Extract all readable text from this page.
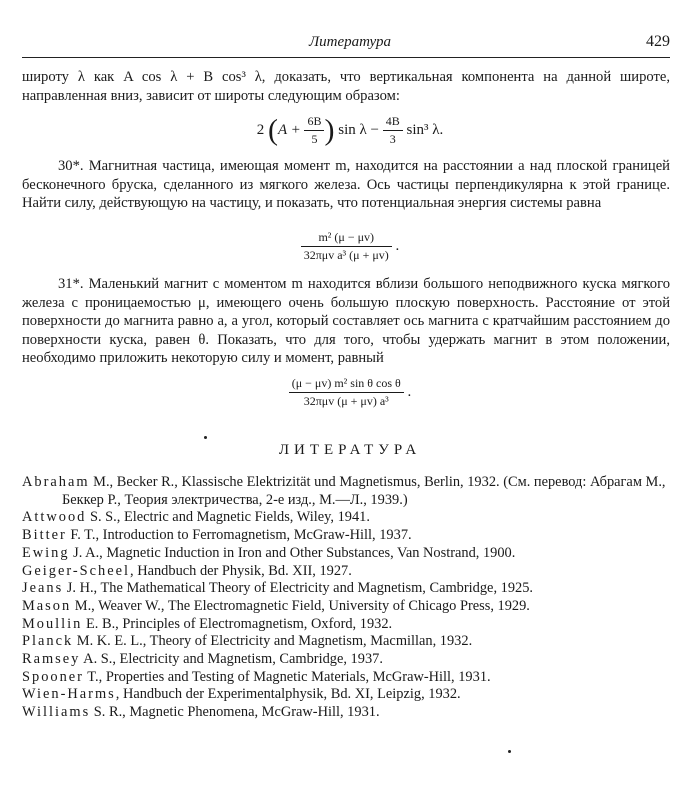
Литература	429

широту λ как A cos λ + B cos³ λ, доказать, что вертикальная компонента на данной широте, направленная вниз, зависит от широты следующим образом:

2 ($A + \frac{6B}{5}$ ) $\sin \lambda - \frac{4B}{3} \sin^3$ λ.

30*. Магнитная частица, имеющая момент m, находится на расстоянии a над плоской границей бесконечного бруска, сделанного из мягкого железа. Ось частицы перпендикулярна к этой границе. Найти силу, действующую на частицу, и показать, что потенциальная энергия системы равна

$\frac{\text{m² (μ − μv)}}{\text{32πμv a³ (μ + μv)}}$ .

31*. Маленький магнит с моментом m находится вблизи большого неподвижного куска мягкого железа с проницаемостью μ, имеющего очень большую плоскую поверхность. Расстояние от этой поверхности до магнита равно a, а угол, который составляет ось магнита с кратчайшим расстоянием до поверхности куска, равен θ. Показать, что для того, чтобы удержать магнит в этом положении, необходимо приложить некоторую силу и момент, равный

$\frac{\text{(μ − μv) m² sin θ cos θ}}{\text{32πμv (μ + μv) a³}}$ .
ЛИТЕРАТУРА
Abraham M., Becker R., Klassische Elektrizität und Magnetismus, Berlin, 1932. (См. перевод: Абрагам М., Беккер Р., Теория электричества, 2-е изд., М.—Л., 1939.)
Attwood S. S., Electric and Magnetic Fields, Wiley, 1941.
Bitter F. T., Introduction to Ferromagnetism, McGraw-Hill, 1937.
Ewing J. A., Magnetic Induction in Iron and Other Substances, Van Nostrand, 1900.
Geiger-Scheel, Handbuch der Physik, Bd. XII, 1927.
Jeans J. H., The Mathematical Theory of Electricity and Magnetism, Cambridge, 1925.
Mason M., Weaver W., The Electromagnetic Field, University of Chicago Press, 1929.
Moullin E. B., Principles of Electromagnetism, Oxford, 1932.
Planck M. K. E. L., Theory of Electricity and Magnetism, Macmillan, 1932.
Ramsey A. S., Electricity and Magnetism, Cambridge, 1937.
Spooner T., Properties and Testing of Magnetic Materials, McGraw-Hill, 1931.
Wien-Harms, Handbuch der Experimentalphysik, Bd. XI, Leipzig, 1932.
Williams S. R., Magnetic Phenomena, McGraw-Hill, 1931.
